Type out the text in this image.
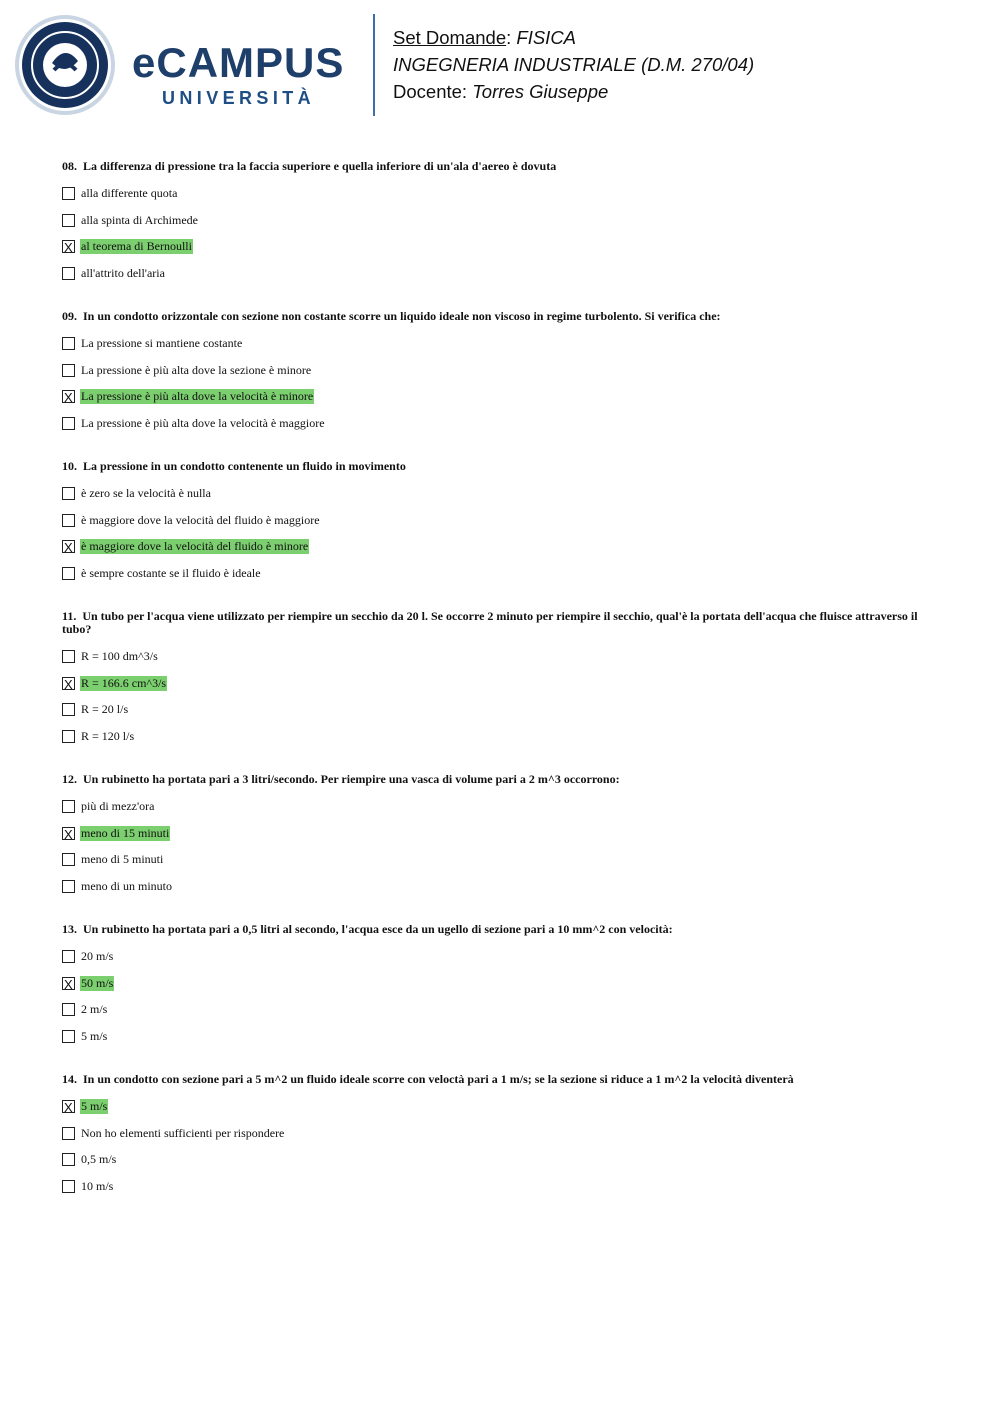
eCAMPUS
UNIVERSITÀ
Set Domande: FISICA
INGEGNERIA INDUSTRIALE (D.M. 270/04)
Docente: Torres Giuseppe
08. La differenza di pressione tra la faccia superiore e quella inferiore di un'ala d'aereo è dovuta
alla differente quota
alla spinta di Archimede
X
al teorema di Bernoulli
all'attrito dell'aria
09. In un condotto orizzontale con sezione non costante scorre un liquido ideale non viscoso in regime turbolento. Si verifica che:
La pressione si mantiene costante
La pressione è più alta dove la sezione è minore
X
La pressione è più alta dove la velocità è minore
La pressione è più alta dove la velocità è maggiore
10. La pressione in un condotto contenente un fluido in movimento
è zero se la velocità è nulla
è maggiore dove la velocità del fluido è maggiore
X
è maggiore dove la velocità del fluido è minore
è sempre costante se il fluido è ideale
11. Un tubo per l'acqua viene utilizzato per riempire un secchio da 20 l. Se occorre 2 minuto per riempire il secchio, qual'è la portata dell'acqua che fluisce attraverso il tubo?
R = 100 dm^3/s
X
R = 166.6 cm^3/s
R = 20 l/s
R = 120 l/s
12. Un rubinetto ha portata pari a 3 litri/secondo. Per riempire una vasca di volume pari a 2 m^3 occorrono:
più di mezz'ora
X
meno di 15 minuti
meno di 5 minuti
meno di un minuto
13. Un rubinetto ha portata pari a 0,5 litri al secondo, l'acqua esce da un ugello di sezione pari a 10 mm^2 con velocità:
20 m/s
X
50 m/s
2 m/s
5 m/s
14. In un condotto con sezione pari a 5 m^2 un fluido ideale scorre con veloctà pari a 1 m/s; se la sezione si riduce a 1 m^2 la velocità diventerà
X
5 m/s
Non ho elementi sufficienti per rispondere
0,5 m/s
10 m/s
